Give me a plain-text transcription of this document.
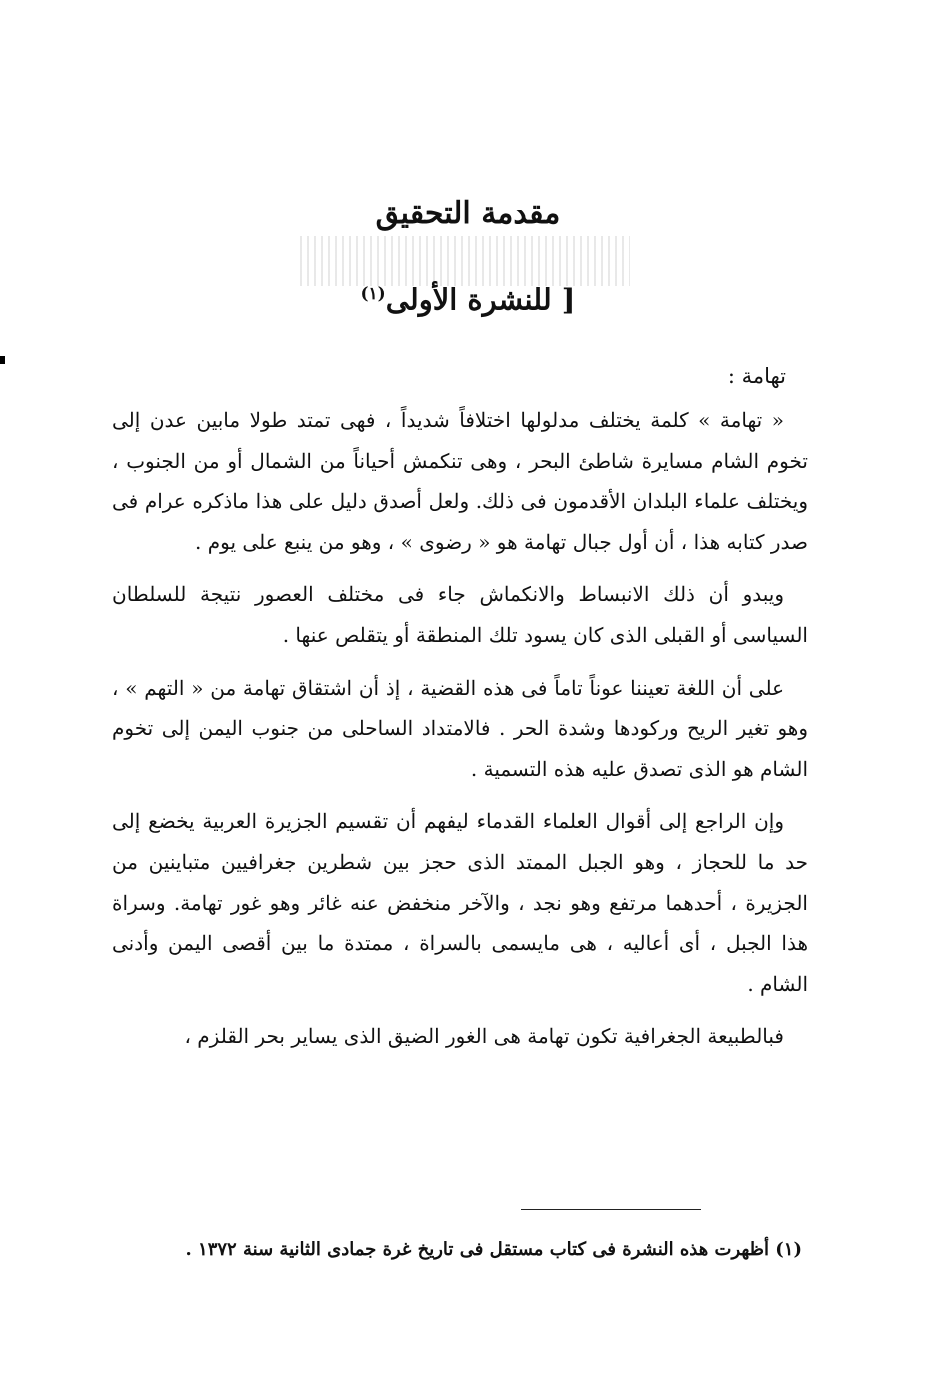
مقدمة التحقيق
[ للنشرة الأولى$^{(١)}$
تهامة :

« تهامة » كلمة يختلف مدلولها اختلافاً شديداً ، فهى تمتد طولا مابين عدن إلى تخوم الشام مسايرة شاطئ البحر ، وهى تنكمش أحياناً من الشمال أو من الجنوب ، ويختلف علماء البلدان الأقدمون فى ذلك. ولعل أصدق دليل على هذا ماذكره عرام فى صدر كتابه هذا ، أن أول جبال تهامة هو « رضوى » ، وهو من ينبع على يوم .

ويبدو أن ذلك الانبساط والانكماش جاء فى مختلف العصور نتيجة للسلطان السياسى أو القبلى الذى كان يسود تلك المنطقة أو يتقلص عنها .

على أن اللغة تعيننا عوناً تاماً فى هذه القضية ، إذ أن اشتقاق تهامة من « التهم » ، وهو تغير الريح وركودها وشدة الحر . فالامتداد الساحلى من جنوب اليمن إلى تخوم الشام هو الذى تصدق عليه هذه التسمية .

وإن الراجع إلى أقوال العلماء القدماء ليفهم أن تقسيم الجزيرة العربية يخضع إلى حد ما للحجاز ، وهو الجبل الممتد الذى حجز بين شطرين جغرافيين متباينين من الجزيرة ، أحدهما مرتفع وهو نجد ، والآخر منخفض عنه غائر وهو غور تهامة. وسراة هذا الجبل ، أى أعاليه ، هى مايسمى بالسراة ، ممتدة ما بين أقصى اليمن وأدنى الشام .

فبالطبيعة الجغرافية تكون تهامة هى الغور الضيق الذى يساير بحر القلزم ،

(١) أظهرت هذه النشرة فى كتاب مستقل فى تاريخ غرة جمادى الثانية سنة ١٣٧٢ .
